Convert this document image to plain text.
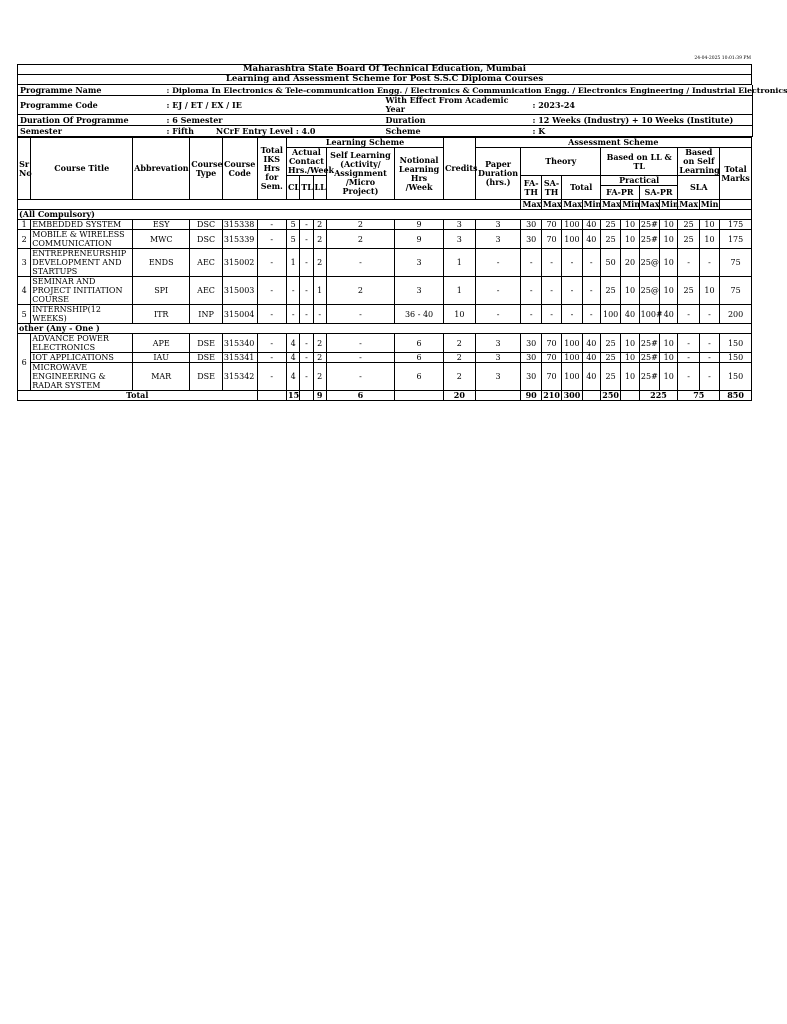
24-04-2025 10:01:39 PM
Maharashtra State Board Of Technical Education, Mumbai
Learning and Assessment Scheme for Post S.S.C Diploma Courses
Programme Name	: Diploma In Electronics & Tele-communication Engg. / Electronics & Communication Engg. / Electronics Engineering / Industrial Electronics		
Programme Code	: EJ / ET / EX / IE	With Effect From Academic Year	: 2023-24
Duration Of Programme	: 6 Semester	Duration	: 12 Weeks (Industry) + 10 Weeks (Institute)
Semester	: Fifth NCrF Entry Level : 4.0	Scheme	: K
Sr No	Course Title	Abbrevation	Course Type	Course Code	Total IKS Hrs for Sem.	Learning Scheme					Credits	Assessment Scheme											
						Actual Contact Hrs./Week			Self Learning (Activity/ Assignment /Micro Project)	Notional Learning Hrs /Week		Paper Duration (hrs.)	Theory				Based on LL & TL				Based on Self Learning		Total Marks

						CL	TL	LL					FA-TH	SA-TH	Total		Practical				SLA		
																	FA-PR		SA-PR				
													Max	Max	Max	Min	Max	Min	Max	Min	Max	Min	
(All Compulsory)																							
1	EMBEDDED SYSTEM	ESY	DSC	315338	-	5	-	2	2	9	3	3	30	70	100	40	25	10	25#	10	25	10	175
2	MOBILE & WIRELESS COMMUNICATION	MWC	DSC	315339	-	5	-	2	2	9	3	3	30	70	100	40	25	10	25#	10	25	10	175
3	ENTREPRENEURSHIP DEVELOPMENT AND STARTUPS	ENDS	AEC	315002	-	1	-	2	-	3	1	-	-	-	-	-	50	20	25@	10	-	-	75
4	SEMINAR AND PROJECT INITIATION COURSE	SPI	AEC	315003	-	-	-	1	2	3	1	-	-	-	-	-	25	10	25@	10	25	10	75
5	INTERNSHIP(12 WEEKS)	ITR	INP	315004	-	-	-	-	-	36 - 40	10	-	-	-	-	-	100	40	100#	40	-	-	200
other (Any - One )																							
6	ADVANCE POWER ELECTRONICS	APE	DSE	315340	-	4	-	2	-	6	2	3	30	70	100	40	25	10	25#	10	-	-	150
	IOT APPLICATIONS	IAU	DSE	315341	-	4	-	2	-	6	2	3	30	70	100	40	25	10	25#	10	-	-	150
	MICROWAVE ENGINEERING & RADAR SYSTEM	MAR	DSE	315342	-	4	-	2	-	6	2	3	30	70	100	40	25	10	25#	10	-	-	150
Total						15		9	6		20		90	210	300		250		225		75		850
